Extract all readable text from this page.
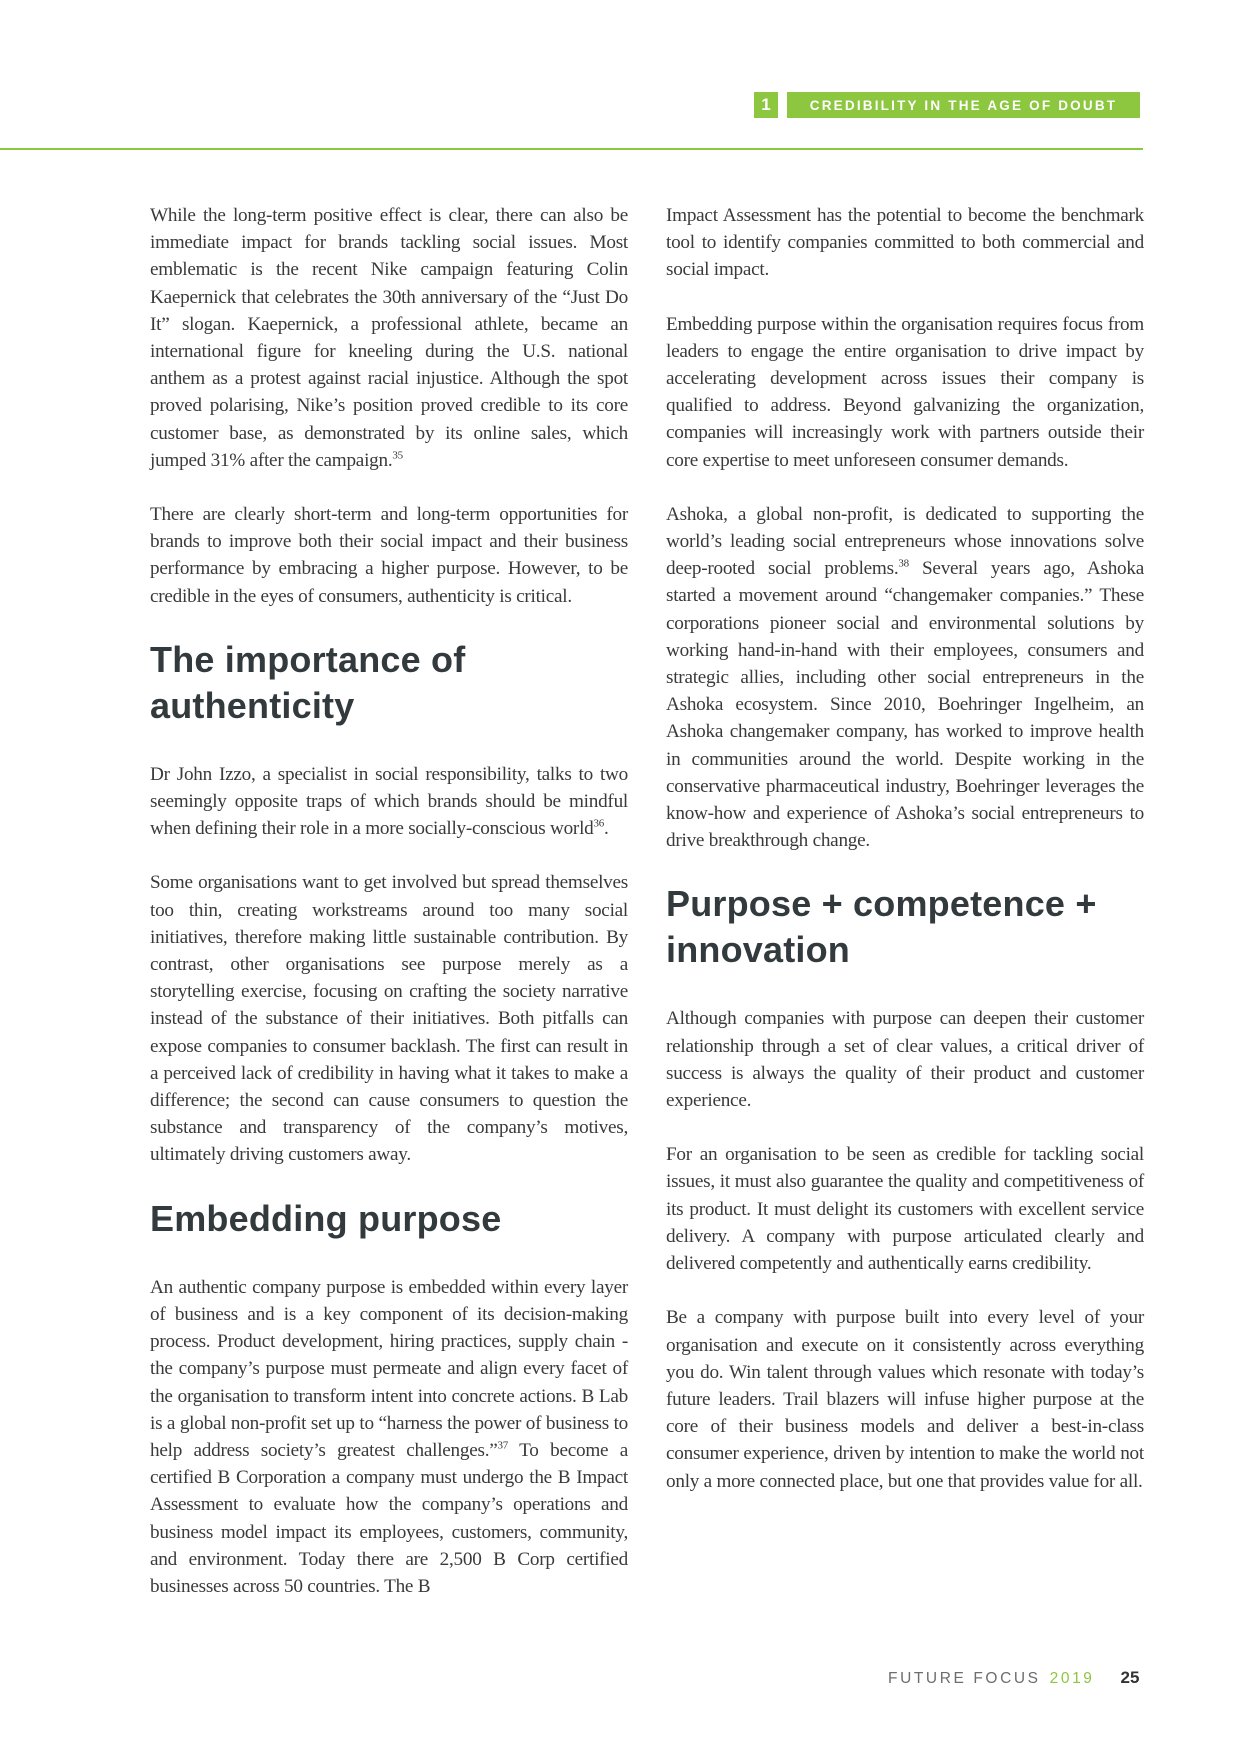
1	CREDIBILITY IN THE AGE OF DOUBT

While the long-term positive effect is clear, there can also be immediate impact for brands tackling social issues. Most emblematic is the recent Nike campaign featuring Colin Kaepernick that celebrates the 30th anniversary of the “Just Do It” slogan. Kaepernick, a professional athlete, became an international figure for kneeling during the U.S. national anthem as a protest against racial injustice. Although the spot proved polarising, Nike’s position proved credible to its core customer base, as demonstrated by its online sales, which jumped 31% after the campaign.$^{35}$

There are clearly short-term and long-term opportunities for brands to improve both their social impact and their business performance by embracing a higher purpose. However, to be credible in the eyes of consumers, authenticity is critical.

The importance of authenticity

Dr John Izzo, a specialist in social responsibility, talks to two seemingly opposite traps of which brands should be mindful when defining their role in a more socially-conscious world$^{36}$.

Some organisations want to get involved but spread themselves too thin, creating workstreams around too many social initiatives, therefore making little sustainable contribution. By contrast, other organisations see purpose merely as a storytelling exercise, focusing on crafting the society narrative instead of the substance of their initiatives. Both pitfalls can expose companies to consumer backlash. The first can result in a perceived lack of credibility in having what it takes to make a difference; the second can cause consumers to question the substance and transparency of the company’s motives, ultimately driving customers away.

Embedding purpose

An authentic company purpose is embedded within every layer of business and is a key component of its decision-making process. Product development, hiring practices, supply chain - the company’s purpose must permeate and align every facet of the organisation to transform intent into concrete actions. B Lab is a global non-profit set up to “harness the power of business to help address society’s greatest challenges.”$^{37}$ To become a certified B Corporation a company must undergo the B Impact Assessment to evaluate how the company’s operations and business model impact its employees, customers, community, and environment. Today there are 2,500 B Corp certified businesses across 50 countries. The B

Impact Assessment has the potential to become the benchmark tool to identify companies committed to both commercial and social impact.

Embedding purpose within the organisation requires focus from leaders to engage the entire organisation to drive impact by accelerating development across issues their company is qualified to address. Beyond galvanizing the organization, companies will increasingly work with partners outside their core expertise to meet unforeseen consumer demands.

Ashoka, a global non-profit, is dedicated to supporting the world’s leading social entrepreneurs whose innovations solve deep-rooted social problems.$^{38}$ Several years ago, Ashoka started a movement around “changemaker companies.” These corporations pioneer social and environmental solutions by working hand-in-hand with their employees, consumers and strategic allies, including other social entrepreneurs in the Ashoka ecosystem. Since 2010, Boehringer Ingelheim, an Ashoka changemaker company, has worked to improve health in communities around the world. Despite working in the conservative pharmaceutical industry, Boehringer leverages the know-how and experience of Ashoka’s social entrepreneurs to drive breakthrough change.

Purpose + competence + innovation

Although companies with purpose can deepen their customer relationship through a set of clear values, a critical driver of success is always the quality of their product and customer experience.

For an organisation to be seen as credible for tackling social issues, it must also guarantee the quality and competitiveness of its product. It must delight its customers with excellent service delivery. A company with purpose articulated clearly and delivered competently and authentically earns credibility.

Be a company with purpose built into every level of your organisation and execute on it consistently across everything you do. Win talent through values which resonate with today’s future leaders. Trail blazers will infuse higher purpose at the core of their business models and deliver a best-in-class consumer experience, driven by intention to make the world not only a more connected place, but one that provides value for all.

FUTURE FOCUS 2019 25
